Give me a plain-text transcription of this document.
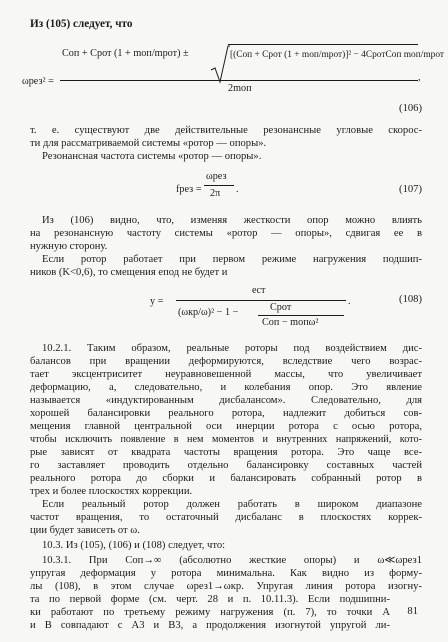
Из (105) следует, что
ωрез² =
Cоп + Cрот (1 + mоп/mрот) ±	[(Cоп + Cрот (1 + mоп/mрот)]² − 4CротCоп mоп/mрот
2mоп
,
(106)
т. е. существуют две действительные резонансные угловые скорос-
ти для рассматриваемой системы «ротор — опоры».
Резонансная частота системы «ротор — опоры».
fрез =
ωрез
2π .	(107)
Из (106) видно, что, изменяя жесткости опор можно влиять
на резонансную частоту системы «ротор — опоры», сдвигая ее в
нужную сторону.
Если ротор работает при первом режиме нагружения подшип-
ников (K<0,6), то смещения eпод не будет и
y =
eст
(ωкр/ω)² − 1 −	Cрот
Cоп − mопω²
.	(108)
10.2.1. Таким образом, реальные роторы под воздействием дис-
балансов при вращении деформируются, вследствие чего возрас-
тает эксцентриситет неуравновешенной массы, что увеличивает
деформацию, а, следовательно, и колебания опор. Это явление
называется «индуктированным дисбалансом». Следовательно, для
хорошей балансировки реального ротора, надлежит добиться сов-
мещения главной центральной оси инерции ротора с осью ротора,
чтобы исключить появление в нем моментов и внутренних напряжений, кото-
рые зависят от квадрата частоты вращения ротора. Это чаще все-
го заставляет проводить отдельно балансировку составных частей
реального ротора до сборки и балансировать собранный ротор в
трех и более плоскостях коррекции.
Если реальный ротор должен работать в широком диапазоне
частот вращения, то остаточный дисбаланс в плоскостях коррек-
ции будет зависеть от ω.
10.3. Из (105), (106) и (108) следует, что:
10.3.1. При Cоп→∞ (абсолютно жесткие опоры) и ω≪ωрез1
упругая деформация y ротора минимальна. Как видно из форму-
лы (108), в этом случае ωрез1→ωкр. Упругая линия ротора изогну-
та по первой форме (см. черт. 28 и п. 10.11.3). Если подшипни-
ки работают по третьему режиму нагружения (п. 7), то точки A
и B совпадают с A3 и B3, а продолжения изогнутой упругой ли-
81
